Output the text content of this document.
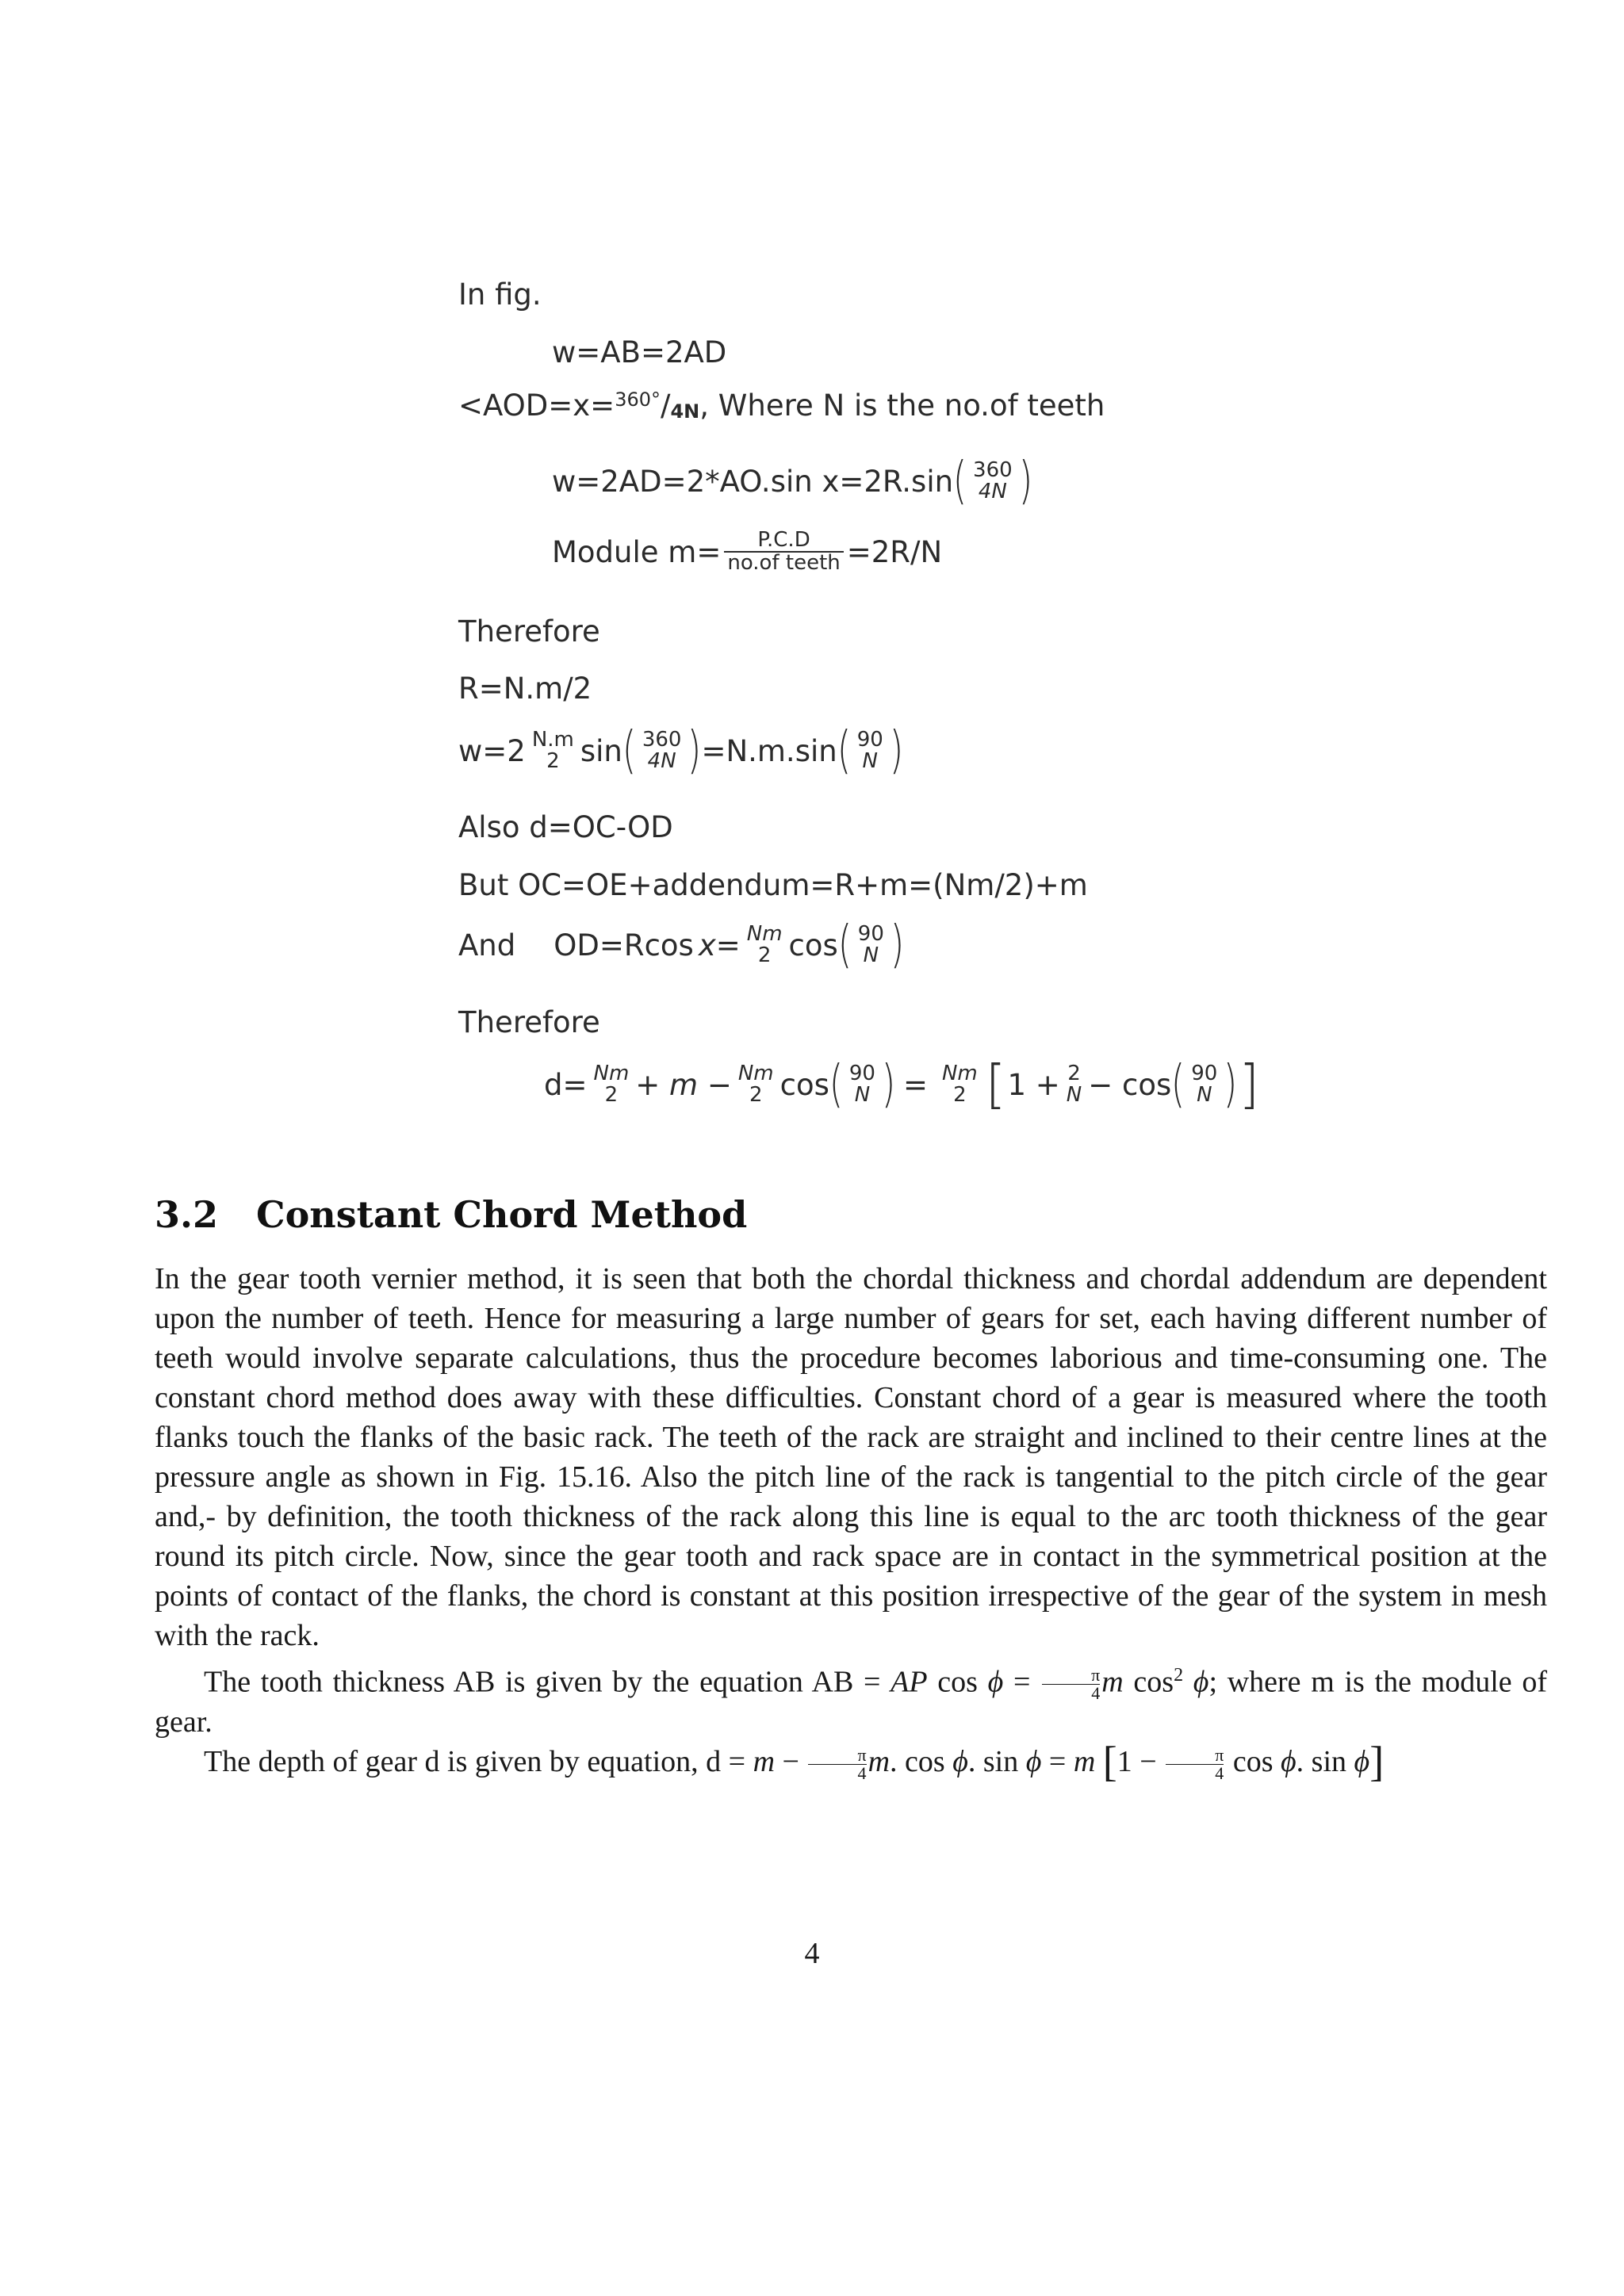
In fig.
w=AB=2AD
<AOD=x=$^{360^\circ}$ $/_{4N}$ , Where N is the no.of teeth
w=2AD=2*AO.sin x=2R.sin ( 360
4N )
Module $m= \frac{P.C.D}{\text{no.of teeth}} =2R/N$
Therefore
R=N.m/2
w=2 N.m
2 sin ( 360
4N ) =N.m.sin ( 90
N )
Also d=OC-OD
But OC=OE+addendum=R+m=(Nm/2)+m
And OD=Rcos x = Nm
2 cos ( 90
N )
Therefore
d= Nm
2 + m − Nm
2 cos ( 90
N ) = Nm
2 [ 1 + 2
N − cos ( 90
N ) ]
3.2 Constant Chord Method

In the gear tooth vernier method, it is seen that both the chordal thickness and chordal addendum are dependent upon the number of teeth. Hence for measuring a large number of gears for set, each having different number of teeth would involve separate calculations, thus the procedure becomes laborious and time-consuming one. The constant chord method does away with these difficulties. Constant chord of a gear is measured where the tooth flanks touch the flanks of the basic rack. The teeth of the rack are straight and inclined to their centre lines at the pressure angle as shown in Fig. 15.16. Also the pitch line of the rack is tangential to the pitch circle of the gear and,- by definition, the tooth thickness of the rack along this line is equal to the arc tooth thickness of the gear round its pitch circle. Now, since the gear tooth and rack space are in contact in the symmetrical position at the points of contact of the flanks, the chord is constant at this position irrespective of the gear of the system in mesh with the rack.

The tooth thickness AB is given by the equation AB = AP $\cos \phi = \frac{\pi}{4}$ m $\cos^2 \phi$; where m is the module of gear.

The depth of gear d is given by equation, $d = m - \frac{\pi}{4} m$. cos ϕ. sin ϕ = m [$1 - \frac{\pi}{4}$ cos ϕ. sin ϕ]

4
